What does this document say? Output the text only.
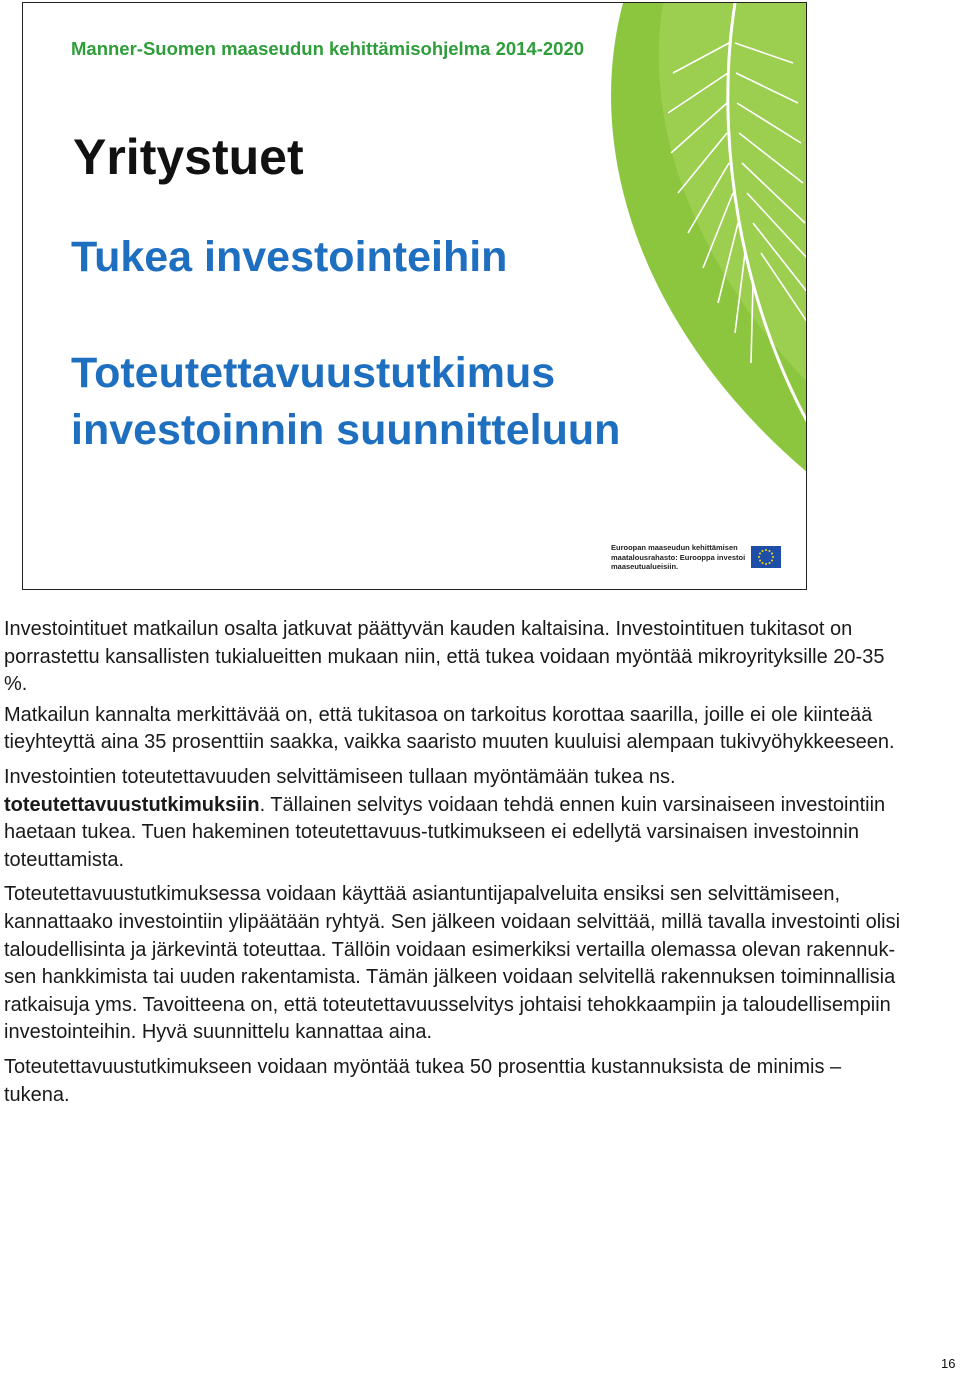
Manner-Suomen maaseudun kehittämisohjelma 2014-2020
Yritystuet
Tukea investointeihin
Toteutettavuustutkimus investoinnin suunnitteluun
Euroopan maaseudun kehittämisen maatalousrahasto: Eurooppa investoi maaseutualueisiin.

Investointituet matkailun osalta jatkuvat päättyvän kauden kaltaisina. Investointituen tukitasot on porrastettu kansallisten tukialueitten mukaan niin, että tukea voidaan myöntää mikroyrityksille 20-35 %.

Matkailun kannalta merkittävää on, että tukitasoa on tarkoitus korottaa saarilla, joille ei ole kiinteää tieyhteyttä aina 35 prosenttiin saakka, vaikka saaristo muuten kuuluisi alempaan tukivyöhykkeeseen.

Investointien toteutettavuuden selvittämiseen tullaan myöntämään tukea ns. toteutettavuustutkimuksiin. Tällainen selvitys voidaan tehdä ennen kuin varsinaiseen investointiin haetaan tukea. Tuen hakeminen toteutettavuus-tutkimukseen ei edellytä varsinaisen investoinnin toteuttamista.

Toteutettavuustutkimuksessa voidaan käyttää asiantuntijapalveluita ensiksi sen selvittämiseen, kannattaako investointiin ylipäätään ryhtyä. Sen jälkeen voidaan selvittää, millä tavalla investointi olisi taloudellisinta ja järkevintä toteuttaa. Tällöin voidaan esimerkiksi vertailla olemassa olevan rakennuk-sen hankkimista tai uuden rakentamista. Tämän jälkeen voidaan selvitellä rakennuksen toiminnallisia ratkaisuja yms. Tavoitteena on, että toteutettavuusselvitys johtaisi tehokkaampiin ja taloudellisempiin investointeihin. Hyvä suunnittelu kannattaa aina.

Toteutettavuustutkimukseen voidaan myöntää tukea 50 prosenttia kustannuksista de minimis –tukena.

16
